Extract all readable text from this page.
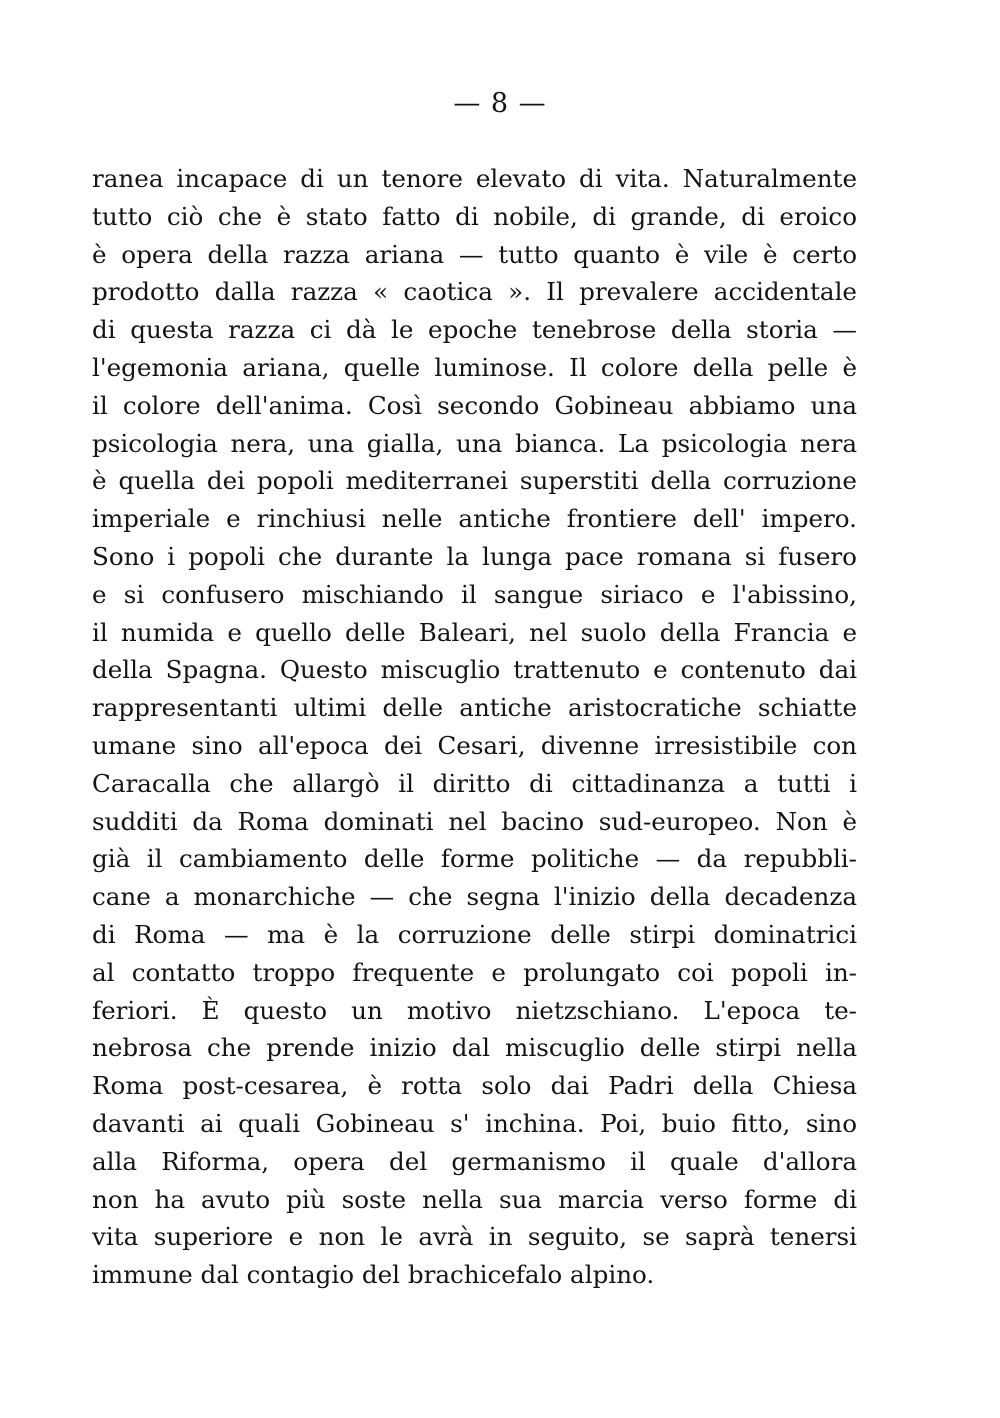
— 8 —
ranea incapace di un tenore elevato di vita. Naturalmente
tutto ciò che è stato fatto di nobile, di grande, di eroico
è opera della razza ariana — tutto quanto è vile è certo
prodotto dalla razza « caotica ». Il prevalere accidentale
di questa razza ci dà le epoche tenebrose della storia —
l'egemonia ariana, quelle luminose. Il colore della pelle è
il colore dell'anima. Così secondo Gobineau abbiamo una
psicologia nera, una gialla, una bianca. La psicologia nera
è quella dei popoli mediterranei superstiti della corruzione
imperiale e rinchiusi nelle antiche frontiere dell' impero.
Sono i popoli che durante la lunga pace romana si fusero
e si confusero mischiando il sangue siriaco e l'abissino,
il numida e quello delle Baleari, nel suolo della Francia e
della Spagna. Questo miscuglio trattenuto e contenuto dai
rappresentanti ultimi delle antiche aristocratiche schiatte
umane sino all'epoca dei Cesari, divenne irresistibile con
Caracalla che allargò il diritto di cittadinanza a tutti i
sudditi da Roma dominati nel bacino sud-europeo. Non è
già il cambiamento delle forme politiche — da repubbli-
cane a monarchiche — che segna l'inizio della decadenza
di Roma — ma è la corruzione delle stirpi dominatrici
al contatto troppo frequente e prolungato coi popoli in-
feriori. È questo un motivo nietzschiano. L'epoca te-
nebrosa che prende inizio dal miscuglio delle stirpi nella
Roma post-cesarea, è rotta solo dai Padri della Chiesa
davanti ai quali Gobineau s' inchina. Poi, buio fitto, sino
alla Riforma, opera del germanismo il quale d'allora
non ha avuto più soste nella sua marcia verso forme di
vita superiore e non le avrà in seguito, se saprà tenersi
immune dal contagio del brachicefalo alpino.
